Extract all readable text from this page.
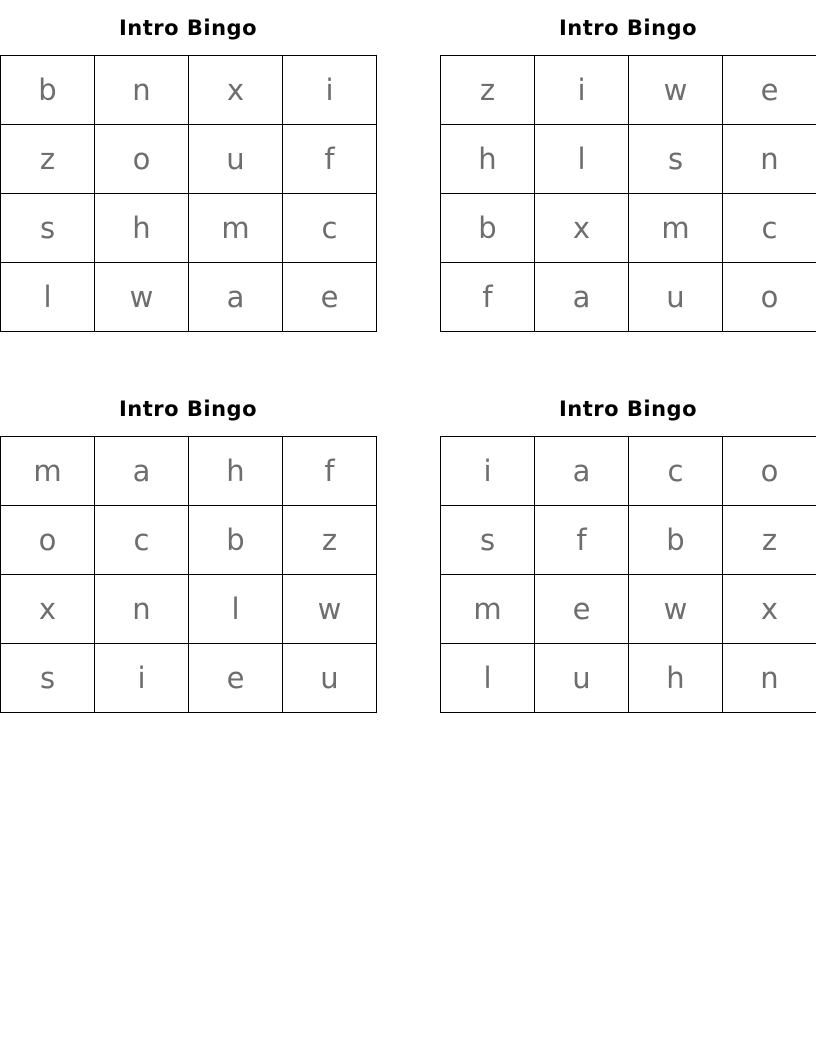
Intro Bingo
b	n	x	i
z	o	u	f
s	h	m	c
l	w	a	e
Intro Bingo
z	i	w	e
h	l	s	n
b	x	m	c
f	a	u	o
Intro Bingo
m	a	h	f
o	c	b	z
x	n	l	w
s	i	e	u
Intro Bingo
i	a	c	o
s	f	b	z
m	e	w	x
l	u	h	n
